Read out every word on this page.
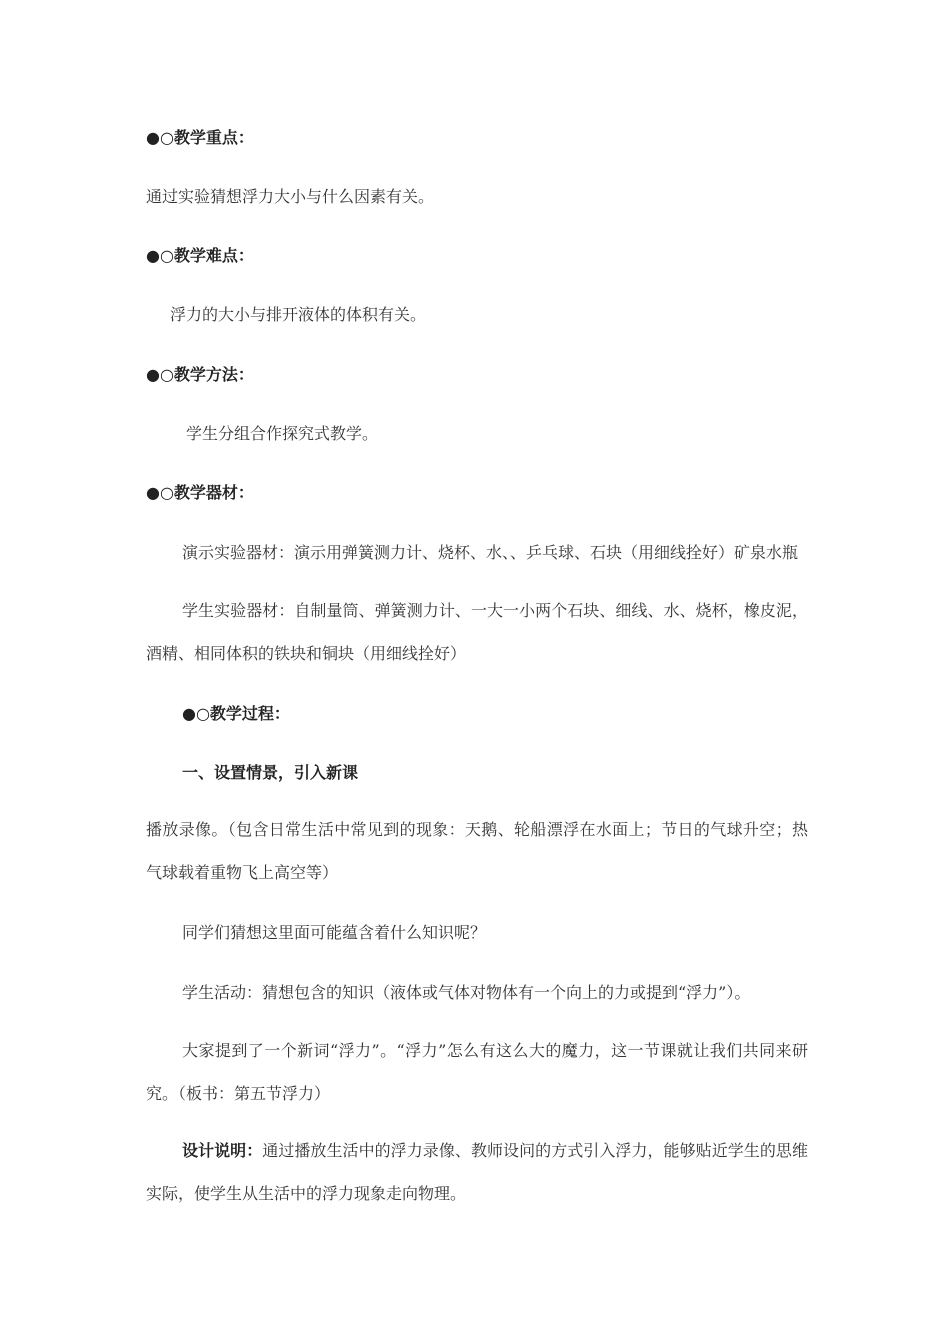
●○教学重点：
通过实验猜想浮力大小与什么因素有关。
●○教学难点：
浮力的大小与排开液体的体积有关。
●○教学方法：
学生分组合作探究式教学。
●○教学器材：
演示实验器材：演示用弹簧测力计、烧杯、水、、乒乓球、石块（用细线拴好）矿泉水瓶
学生实验器材：自制量筒、弹簧测力计、一大一小两个石块、细线、水、烧杯，橡皮泥，酒精、相同体积的铁块和铜块（用细线拴好）
●○教学过程：
一、设置情景，引入新课
播放录像。（包含日常生活中常见到的现象：天鹅、轮船漂浮在水面上；节日的气球升空；热气球载着重物飞上高空等）
同学们猜想这里面可能蕴含着什么知识呢？
学生活动：猜想包含的知识（液体或气体对物体有一个向上的力或提到“浮力”）。
大家提到了一个新词“浮力”。“浮力”怎么有这么大的魔力，这一节课就让我们共同来研究。（板书：第五节浮力）
设计说明：通过播放生活中的浮力录像、教师设问的方式引入浮力，能够贴近学生的思维实际，使学生从生活中的浮力现象走向物理。
